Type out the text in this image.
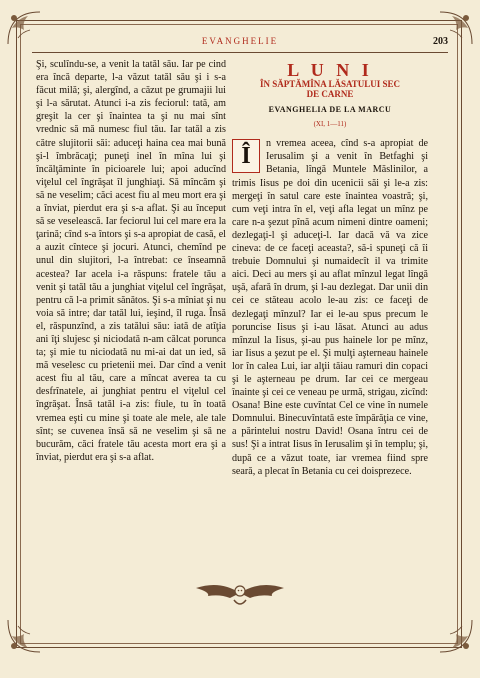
EVANGHELIE	203

Şi, sculîndu-se, a venit la tatăl său. Iar pe cind era încă departe, l-a văzut tatăl său şi i s-a făcut milă; şi, alergînd, a căzut pe grumajii lui şi l-a sărutat. Atunci i-a zis feciorul: tată, am greşit la cer şi înaintea ta şi nu mai sînt vrednic să mă numesc fiul tău. Iar tatăl a zis către slujitorii săi: aduceţi haina cea mai bună şi-l îmbrăcaţi; puneţi inel în mîna lui şi încălţăminte în picioarele lui; apoi aducînd viţelul cel îngrăşat îl junghiaţi. Să mîncăm şi să ne veselim; căci acest fiu al meu mort era şi a înviat, pierdut era şi s-a aflat. Şi au început să se veselească. Iar feciorul lui cel mare era la ţarină; cînd s-a întors şi s-a apropiat de casă, el a auzit cîntece şi jocuri. Atunci, chemînd pe unul din slujitori, l-a întrebat: ce înseamnă acestea? Iar acela i-a răspuns: fratele tău a venit şi tatăl tău a junghiat viţelul cel îngrăşat, pentru că l-a primit sănătos. Şi s-a mîniat şi nu voia să intre; dar tatăl lui, ieşind, îl ruga. Însă el, răspunzînd, a zis tatălui său: iată de atîţia ani îţi slujesc şi niciodată n-am călcat porunca ta; şi mie tu niciodată nu mi-ai dat un ied, să mă veselesc cu prietenii mei. Dar cînd a venit acest fiu al tău, care a mîncat averea ta cu desfrînatele, ai junghiat pentru el viţelul cel îngrăşat. Însă tatăl i-a zis: fiule, tu în toată vremea eşti cu mine şi toate ale mele, ale tale sînt; se cuvenea însă să ne veselim şi să ne bucurăm, căci fratele tău acesta mort era şi a înviat, pierdut era şi s-a aflat.

L U N I
ÎN SĂPTĂMÎNA LĂSATULUI SEC
DE CARNE
EVANGHELIA DE LA MARCU
(XI, 1—11)

Î n vremea aceea, cînd s-a apropiat de Ierusalim şi a venit în Betfaghi şi Betania, lîngă Muntele Măslinilor, a trimis Iisus pe doi din ucenicii săi şi le-a zis: mergeţi în satul care este înaintea voastră; şi, cum veţi intra în el, veţi afla legat un mînz pe care n-a şezut pînă acum nimeni dintre oameni; dezlegaţi-l şi aduceţi-l. Iar dacă vă va zice cineva: de ce faceţi aceasta?, să-i spuneţi că îi trebuie Domnului şi numaidecît il va trimite aici. Deci au mers şi au aflat mînzul legat lîngă uşă, afară în drum, şi l-au dezlegat. Dar unii din cei ce stăteau acolo le-au zis: ce faceţi de dezlegaţi mînzul? Iar ei le-au spus precum le poruncise Iisus şi i-au lăsat. Atunci au adus mînzul la Iisus, şi-au pus hainele lor pe mînz, iar Iisus a şezut pe el. Şi mulţi aşterneau hainele lor în calea Lui, iar alţii tăiau ramuri din copaci şi le aşterneau pe drum. Iar cei ce mergeau înainte şi cei ce veneau pe urmă, strigau, zicînd: Osana! Bine este cuvîntat Cel ce vine în numele Domnului. Binecuvîntată este împărăţia ce vine, a părintelui nostru David! Osana întru cei de sus! Şi a intrat Iisus în Ierusalim şi în templu; şi, după ce a văzut toate, iar vremea fiind spre seară, a plecat în Betania cu cei doisprezece.
